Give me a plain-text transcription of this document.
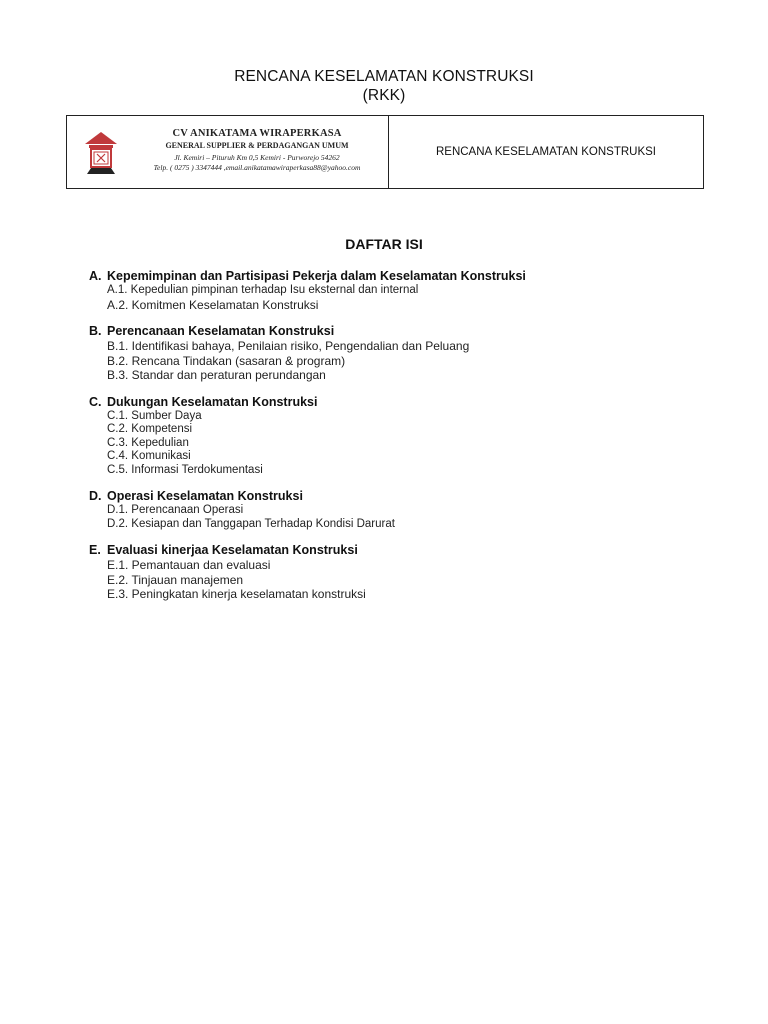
RENCANA KESELAMATAN KONSTRUKSI
(RKK)
CV ANIKATAMA WIRAPERKASA
GENERAL SUPPLIER & PERDAGANGAN UMUM
Jl. Kemiri – Pituruh Km 0,5 Kemiri - Purworejo 54262
Telp. ( 0275 ) 3347444 ,email.anikatamawiraperkasa88@yahoo.com
RENCANA KESELAMATAN KONSTRUKSI
DAFTAR ISI
A. Kepemimpinan dan Partisipasi Pekerja dalam Keselamatan Konstruksi
A.1. Kepedulian pimpinan terhadap Isu eksternal dan internal
A.2. Komitmen Keselamatan Konstruksi
B. Perencanaan Keselamatan Konstruksi
B.1. Identifikasi bahaya, Penilaian risiko, Pengendalian dan Peluang
B.2. Rencana Tindakan (sasaran & program)
B.3. Standar dan peraturan perundangan
C. Dukungan Keselamatan Konstruksi
C.1. Sumber Daya
C.2. Kompetensi
C.3. Kepedulian
C.4. Komunikasi
C.5. Informasi Terdokumentasi
D. Operasi Keselamatan Konstruksi
D.1. Perencanaan Operasi
D.2. Kesiapan dan Tanggapan Terhadap Kondisi Darurat
E. Evaluasi kinerjaa Keselamatan Konstruksi
E.1. Pemantauan dan evaluasi
E.2. Tinjauan manajemen
E.3. Peningkatan kinerja keselamatan konstruksi
